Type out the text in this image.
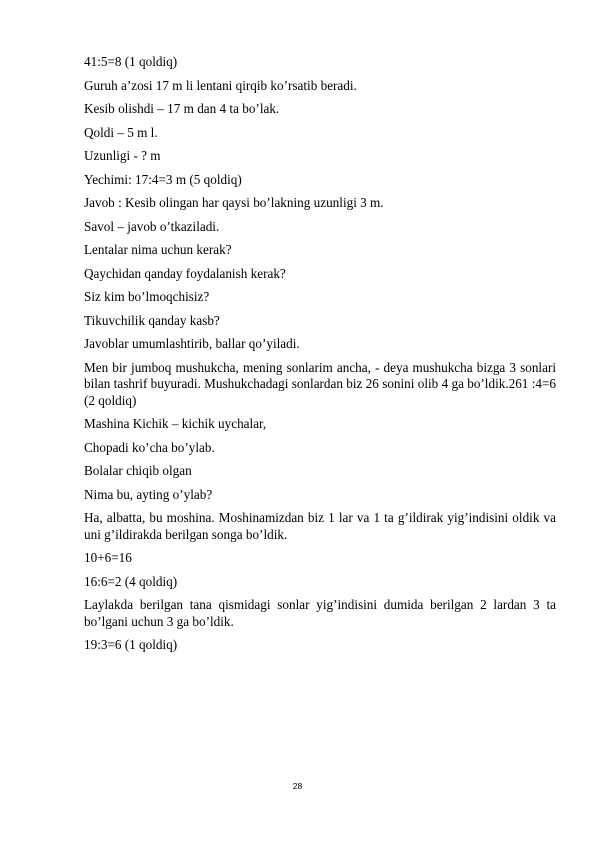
41:5=8 (1 qoldiq)

Guruh a’zosi 17 m li lentani qirqib ko’rsatib beradi.

Kesib olishdi – 17 m dan 4 ta bo’lak.

Qoldi – 5 m l.

Uzunligi - ? m

Yechimi: 17:4=3 m (5 qoldiq)

Javob : Kesib olingan har qaysi bo’lakning uzunligi 3 m.

Savol – javob o’tkaziladi.

Lentalar nima uchun kerak?

Qaychidan qanday foydalanish kerak?

Siz kim bo’lmoqchisiz?

Tikuvchilik qanday kasb?

Javoblar umumlashtirib, ballar qo’yiladi.

Men bir jumboq mushukcha, mening sonlarim ancha, - deya mushukcha bizga 3 sonlari bilan tashrif buyuradi. Mushukchadagi sonlardan biz 26 sonini olib 4 ga bo’ldik.261 :4=6 (2 qoldiq)

Mashina Kichik – kichik uychalar,

Chopadi ko’cha bo’ylab.

Bolalar chiqib olgan

Nima bu, ayting o’ylab?

Ha, albatta, bu moshina. Moshinamizdan biz 1 lar va 1 ta g’ildirak yig’indisini oldik va uni g’ildirakda berilgan songa bo’ldik.

10+6=16

16:6=2 (4 qoldiq)

Laylakda berilgan tana qismidagi sonlar yig’indisini dumida berilgan 2 lardan 3 ta bo’lgani uchun 3 ga bo’ldik.

19:3=6 (1 qoldiq)

28
